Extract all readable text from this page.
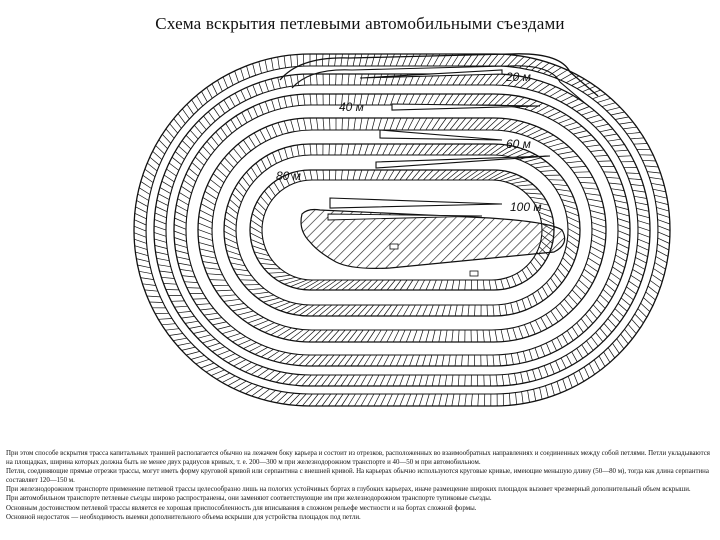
Схема вскрытия петлевыми автомобильными съездами
20 м
40 м
60 м
80 м
100 м

При этом способе вскрытия трасса капитальных траншей располагается обычно на лежачем боку карьера и состоит из отрезков, расположенных во взаимообратных направлениях и соединенных между собой петлями. Петли укладываются на площадках, ширина которых должна быть не менее двух радиусов кривых, т. е. 200—300 м при железнодорожном транспорте и 40—50 м при автомобильном.

Петли, соединяющие прямые отрезки трассы, могут иметь форму круговой кривой или серпантина с внешней кривой. На карьерах обычно используются круговые кривые, имеющие меньшую длину (50—80 м), тогда как длина серпантина составляет 120—150 м.

При железнодорожном транспорте применение петлевой трассы целесообразно лишь на пологих устойчивых бортах в глубоких карьерах, иначе размещение широких площадок вызовет чрезмерный дополнительный объем вскрыши.

При автомобильном транспорте петлевые съезды широко распространены, они заменяют соответствующие им при железнодорожном транспорте тупиковые съезды.

Основным достоинством петлевой трассы является ее хорошая приспособленность для вписывания в сложном рельефе местности и на бортах сложной формы.

Основной недостаток — необходимость выемки дополнительного объема вскрыши для устройства площадок под петли.
